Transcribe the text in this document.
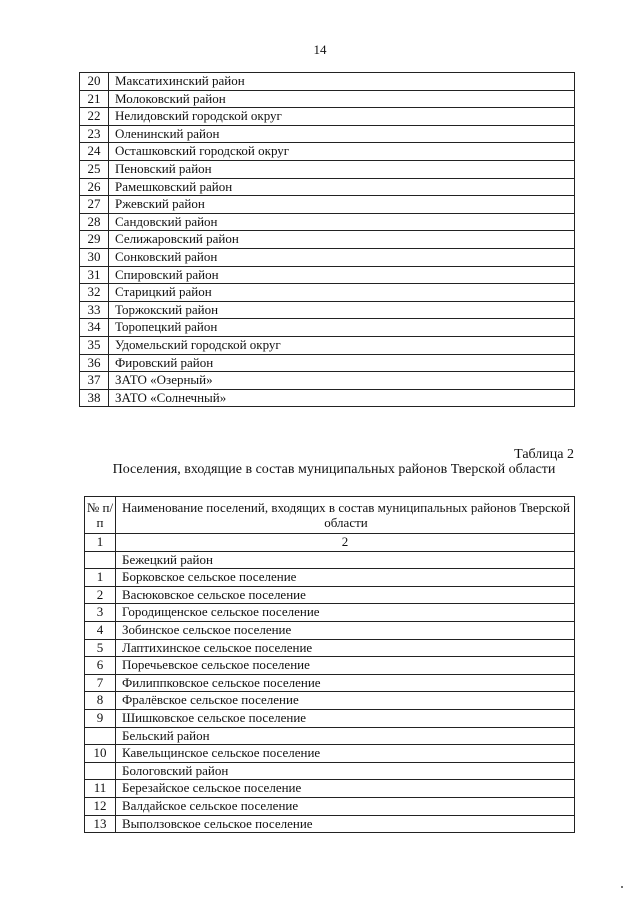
14
20	Максатихинский район
21	Молоковский район
22	Нелидовский городской округ
23	Оленинский район
24	Осташковский городской округ
25	Пеновский район
26	Рамешковский район
27	Ржевский район
28	Сандовский район
29	Селижаровский район
30	Сонковский район
31	Спировский район
32	Старицкий район
33	Торжокский район
34	Торопецкий район
35	Удомельский городской округ
36	Фировский район
37	ЗАТО «Озерный»
38	ЗАТО «Солнечный»
Таблица 2
Поселения, входящие в состав муниципальных районов Тверской области
№ п/п	Наименование поселений, входящих в состав муниципальных районов Тверской области
1	2
	Бежецкий район
1	Борковское сельское поселение
2	Васюковское сельское поселение
3	Городищенское сельское поселение
4	Зобинское сельское поселение
5	Лаптихинское сельское поселение
6	Поречьевское сельское поселение
7	Филиппковское сельское поселение
8	Фралёвское сельское поселение
9	Шишковское сельское поселение
	Бельский район
10	Кавельщинское сельское поселение
	Бологовский район
11	Березайское сельское поселение
12	Валдайское сельское поселение
13	Выползовское сельское поселение
